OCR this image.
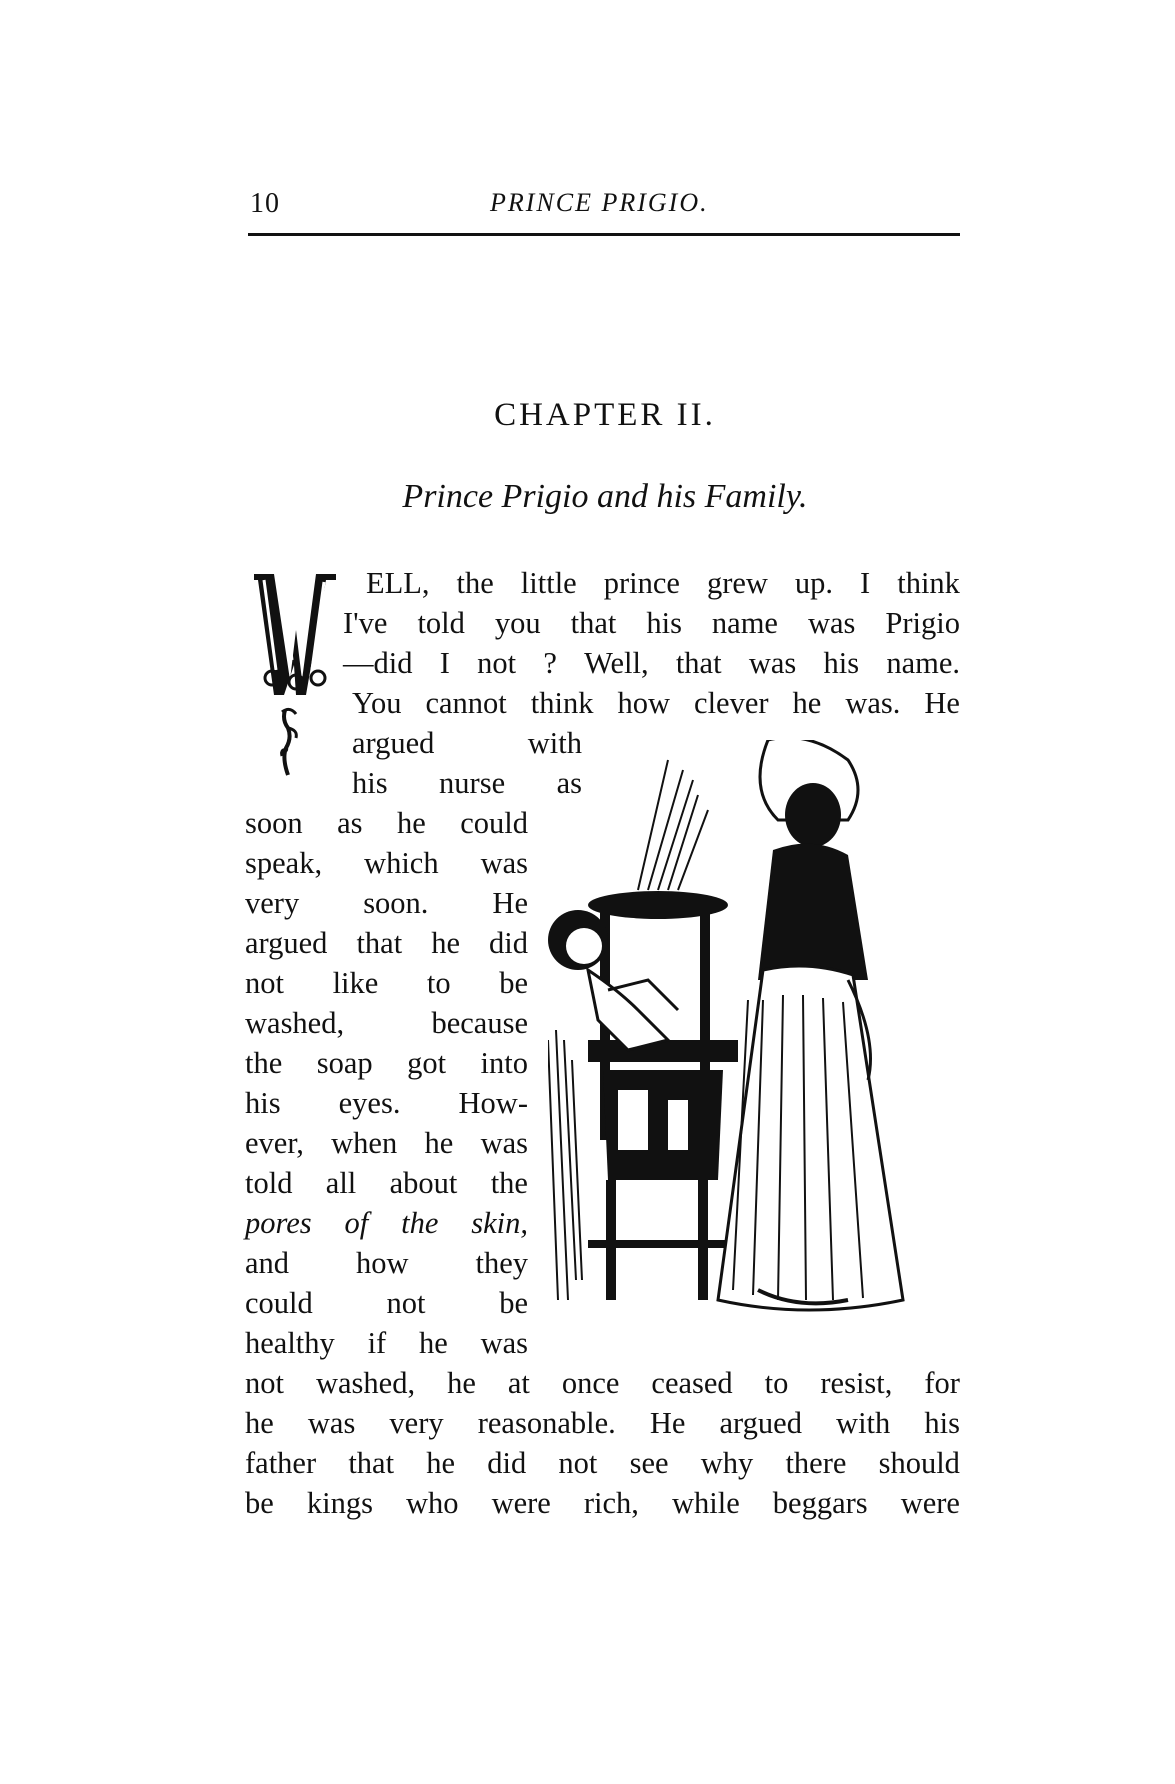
10	PRINCE PRIGIO.
CHAPTER II.
Prince Prigio and his Family.
ELL, the little prince grew up. I think
I've told you that his name was Prigio
—did I not ? Well, that was his name.
You cannot think how clever he was. He
argued	with
his nurse as
soon as he could
speak, which was
very soon. He
argued that he did
not like to be
washed,	because
the soap got into
his eyes. How-
ever, when he was
told all about the
pores of the skin,
and how they
could not be
healthy if he was
not washed, he at once ceased to resist, for
he was very reasonable. He argued with his
father that he did not see why there should
be kings who were rich, while beggars were
